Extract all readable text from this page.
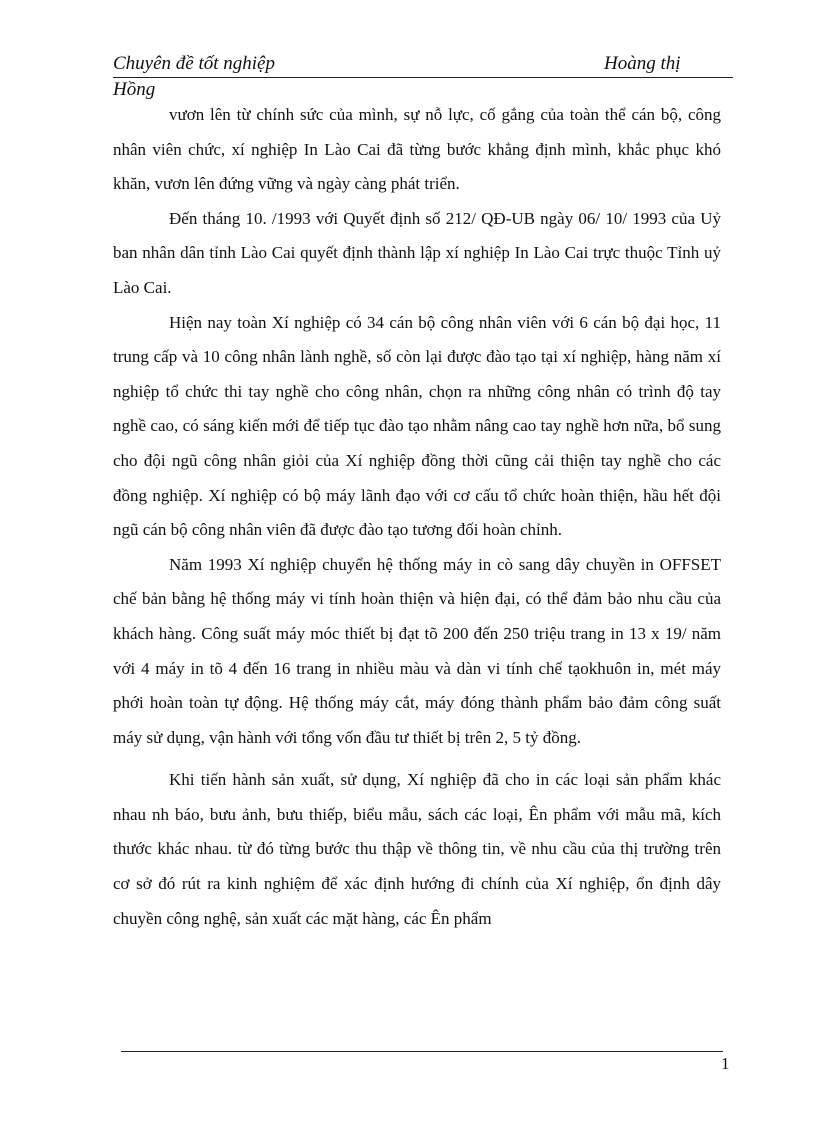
Chuyên đề tốt nghiệp	Hoàng thị
Hồng

vươn lên từ chính sức của mình, sự nỗ lực, cố gắng của toàn thể cán bộ, công nhân viên chức, xí nghiệp In Lào Cai đã từng bước khẳng định mình, khắc phục khó khăn, vươn lên đứng vững và ngày càng phát triển.

Đến tháng 10. /1993 với Quyết định số 212/ QĐ-UB ngày 06/ 10/ 1993 của Uỷ ban nhân dân tỉnh Lào Cai quyết định thành lập xí nghiệp In Lào Cai trực thuộc Tỉnh uỷ Lào Cai.

Hiện nay toàn Xí nghiệp có 34 cán bộ công nhân viên với 6 cán bộ đại học, 11 trung cấp và 10 công nhân lành nghề, số còn lại được đào tạo tại xí nghiệp, hàng năm xí nghiệp tổ chức thi tay nghề cho công nhân, chọn ra những công nhân có trình độ tay nghề cao, có sáng kiến mới để tiếp tục đào tạo nhằm nâng cao tay nghề hơn nữa, bổ sung cho đội ngũ công nhân giỏi của Xí nghiệp đồng thời cũng cải thiện tay nghề cho các đồng nghiệp. Xí nghiệp có bộ máy lãnh đạo với cơ cấu tổ chức hoàn thiện, hầu hết đội ngũ cán bộ công nhân viên đã được đào tạo tương đối hoàn chỉnh.

Năm 1993 Xí nghiệp chuyển hệ thống máy in cò sang dây chuyền in OFFSET chế bản bằng hệ thống máy vi tính hoàn thiện và hiện đại, có thể đảm bảo nhu cầu của khách hàng. Công suất máy móc thiết bị đạt tõ 200 đến 250 triệu trang in 13 x 19/ năm với 4 máy in tõ 4 đến 16 trang in nhiều màu và dàn vi tính chế tạokhuôn in, mét máy phới hoàn toàn tự động. Hệ thống máy cắt, máy đóng thành phẩm bảo đảm công suất máy sử dụng, vận hành với tổng vốn đầu tư thiết bị trên 2, 5 tỷ đồng.

Khi tiến hành sản xuất, sử dụng, Xí nghiệp đã cho in các loại sản phẩm khác nhau nh báo, bưu ảnh, bưu thiếp, biểu mẫu, sách các loại, Ên phẩm với mẫu mã, kích thước khác nhau. từ đó từng bước thu thập về thông tin, về nhu cầu của thị trường trên cơ sở đó rút ra kinh nghiệm để xác định hướng đi chính của Xí nghiệp, ổn định dây chuyền công nghệ, sản xuất các mặt hàng, các Ên phẩm

1
